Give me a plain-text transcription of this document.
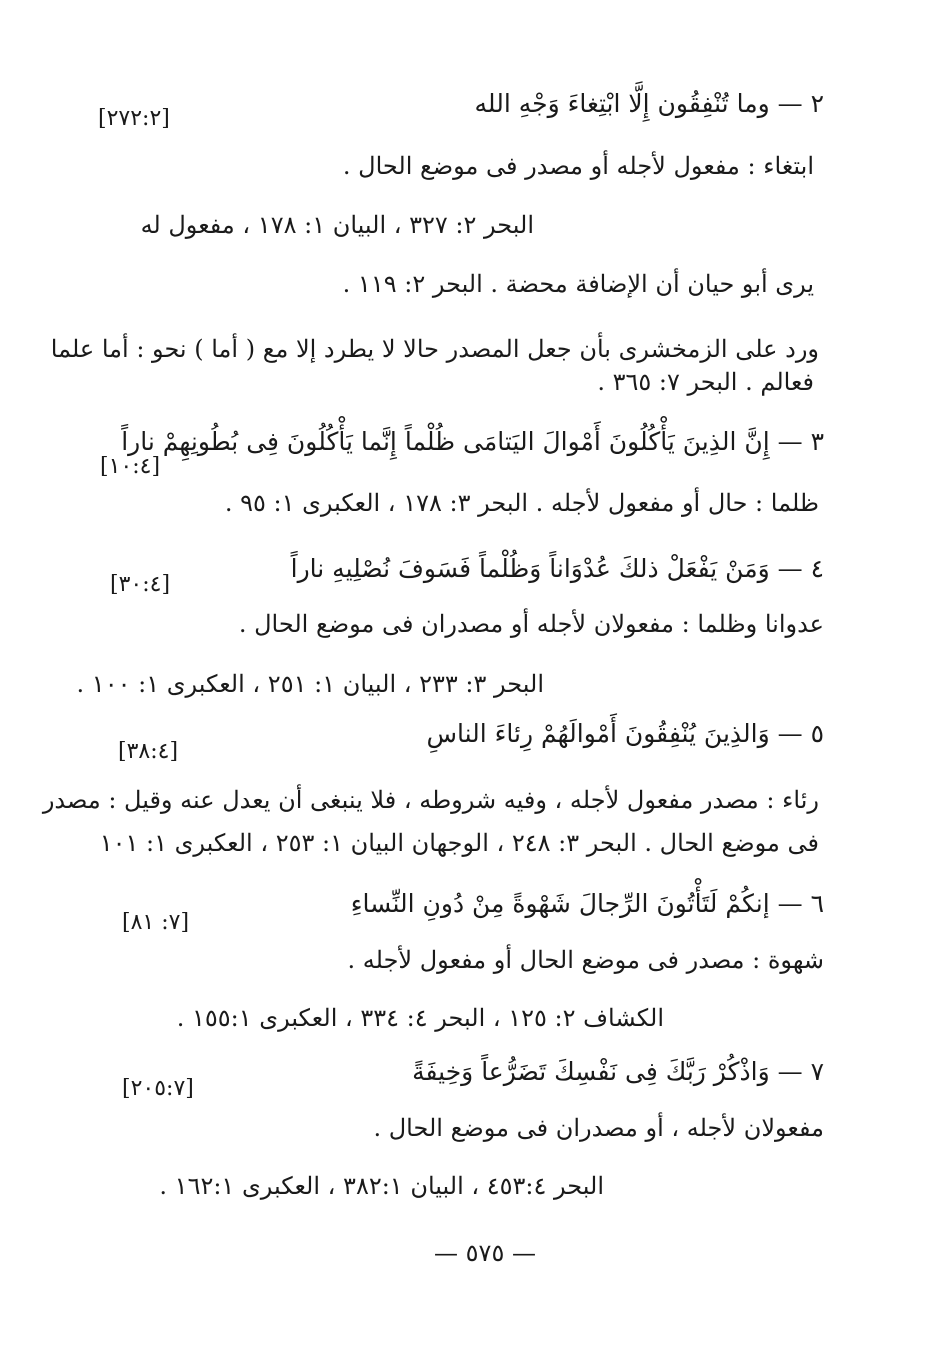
٢ — وما تُنْفِقُون إِلَّا ابْتِغاءَ وَجْهِ الله
[٢٧٢:٢]
ابتغاء : مفعول لأجله أو مصدر فى موضع الحال .
البحر ٢: ٣٢٧ ، البيان ١: ١٧٨ ، مفعول له
يرى أبو حيان أن الإضافة محضة . البحر ٢: ١١٩ .
ورد على الزمخشرى بأن جعل المصدر حالا لا يطرد إلا مع ( أما ) نحو : أما علما
فعالم . البحر ٧: ٣٦٥ .
٣ — إِنَّ الذِينَ يَأْكُلُونَ أَمْوالَ اليَتامَى ظُلْماً إِنَّما يَأْكُلُونَ فِى بُطُونِهِمْ ناراً
[١٠:٤]
ظلما : حال أو مفعول لأجله . البحر ٣: ١٧٨ ، العكبرى ١: ٩٥ .
٤ — وَمَنْ يَفْعَلْ ذلكَ عُدْوَاناً وَظُلْماً فَسَوفَ نُصْلِيهِ ناراً
[٣٠:٤]
عدوانا وظلما : مفعولان لأجله أو مصدران فى موضع الحال .
البحر ٣: ٢٣٣ ، البيان ١: ٢٥١ ، العكبرى ١: ١٠٠ .
٥ — وَالذِينَ يُنْفِقُونَ أَمْوالَهُمْ رِئاءَ الناسِ
[٣٨:٤]
رئاء : مصدر مفعول لأجله ، وفيه شروطه ، فلا ينبغى أن يعدل عنه وقيل : مصدر
فى موضع الحال . البحر ٣: ٢٤٨ ، الوجهان البيان ١: ٢٥٣ ، العكبرى ١: ١٠١
٦ — إنكُمْ لَتَأْتُونَ الرِّجالَ شَهْوةً مِنْ دُونِ النِّساءِ
[٧: ٨١]
شهوة : مصدر فى موضع الحال أو مفعول لأجله .
الكشاف ٢: ١٢٥ ، البحر ٤: ٣٣٤ ، العكبرى ١٥٥:١ .
٧ — وَاذْكُرْ رَبَّكَ فِى نَفْسِكَ تَضَرُّعاً وَخِيفَةً
[٢٠٥:٧]
مفعولان لأجله ، أو مصدران فى موضع الحال .
البحر ٤٥٣:٤ ، البيان ٣٨٢:١ ، العكبرى ١٦٢:١ .
— ٥٧٥ —
